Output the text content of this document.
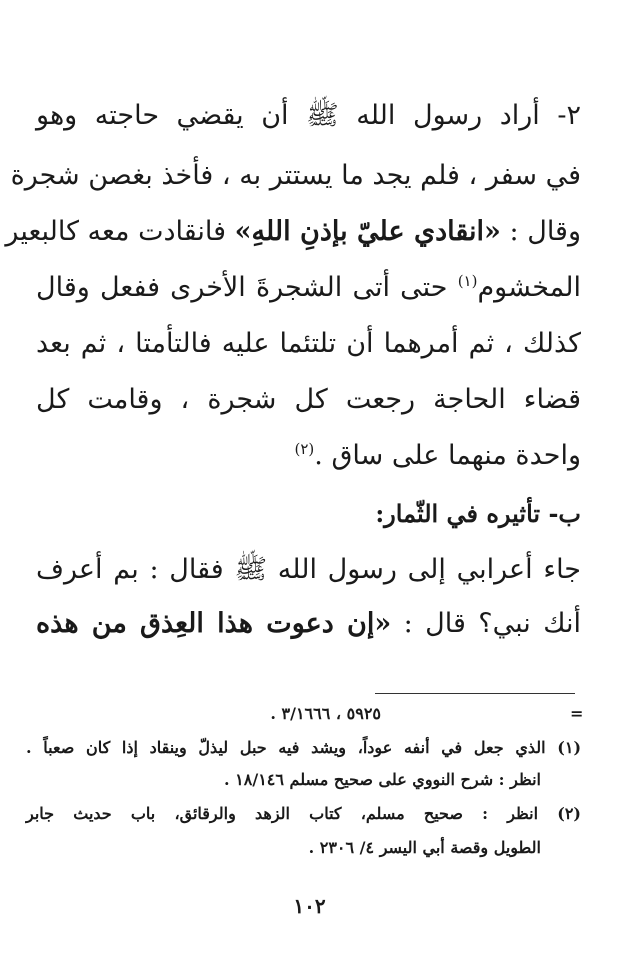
٢- أراد رسول الله ﷺ أن يقضي حاجته وهو
في سفر ، فلم يجد ما يستتر به ، فأخذ بغصن شجرة
وقال : «انقادي عليّ بإذنِ اللهِ» فانقادت معه كالبعير
المخشوم$^{(١)}$ حتى أتى الشجرةَ الأخرى ففعل وقال
كذلك ، ثم أمرهما أن تلتئما عليه فالتأمتا ، ثم بعد
قضاء الحاجة رجعت كل شجرة ، وقامت كل
واحدة منهما على ساق .$^{(٢)}$
ب- تأثيره في الثّمار:
جاء أعرابي إلى رسول الله ﷺ فقال : بم أعرف
أنك نبي؟ قال : «إن دعوت هذا العِذق من هذه
=
٥٩٢٥ ، ٣/١٦٦٦ .
(١) الذي جعل في أنفه عوداً، ويشد فيه حبل ليذلّ وينقاد إذا كان صعباً .
انظر : شرح النووي على صحيح مسلم ١٨/١٤٦ .
(٢) انظر : صحيح مسلم، كتاب الزهد والرقائق، باب حديث جابر
الطويل وقصة أبي اليسر ٤/ ٢٣٠٦ .
١٠٢
